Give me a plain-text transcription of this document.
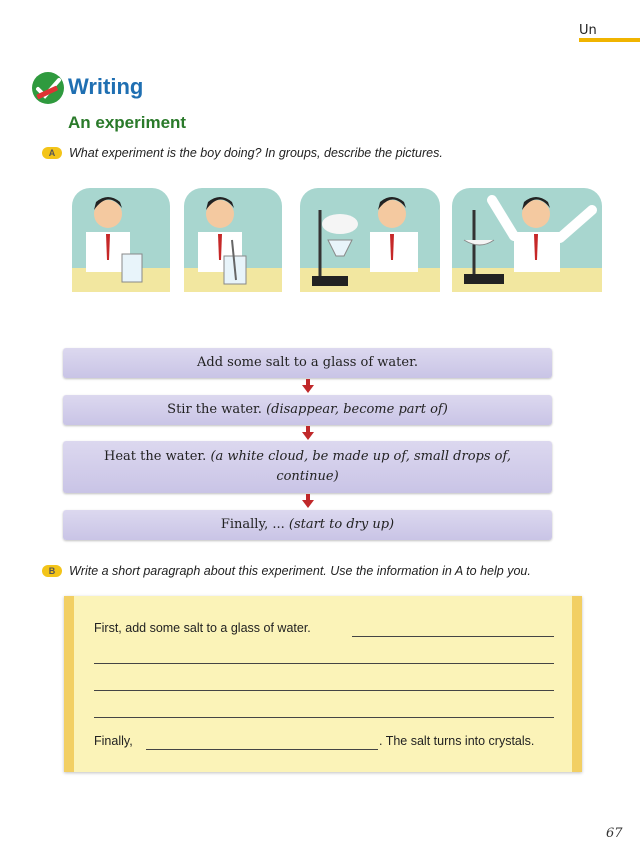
Un
Writing
An experiment
A	What experiment is the boy doing? In groups, describe the pictures.
Add some salt to a glass of water.
Stir the water. (disappear, become part of)
Heat the water. (a white cloud, be made up of, small drops of, continue)
Finally, ... (start to dry up)
B	Write a short paragraph about this experiment. Use the information in A to help you.
First, add some salt to a glass of water.
Finally,	. The salt turns into crystals.
67
